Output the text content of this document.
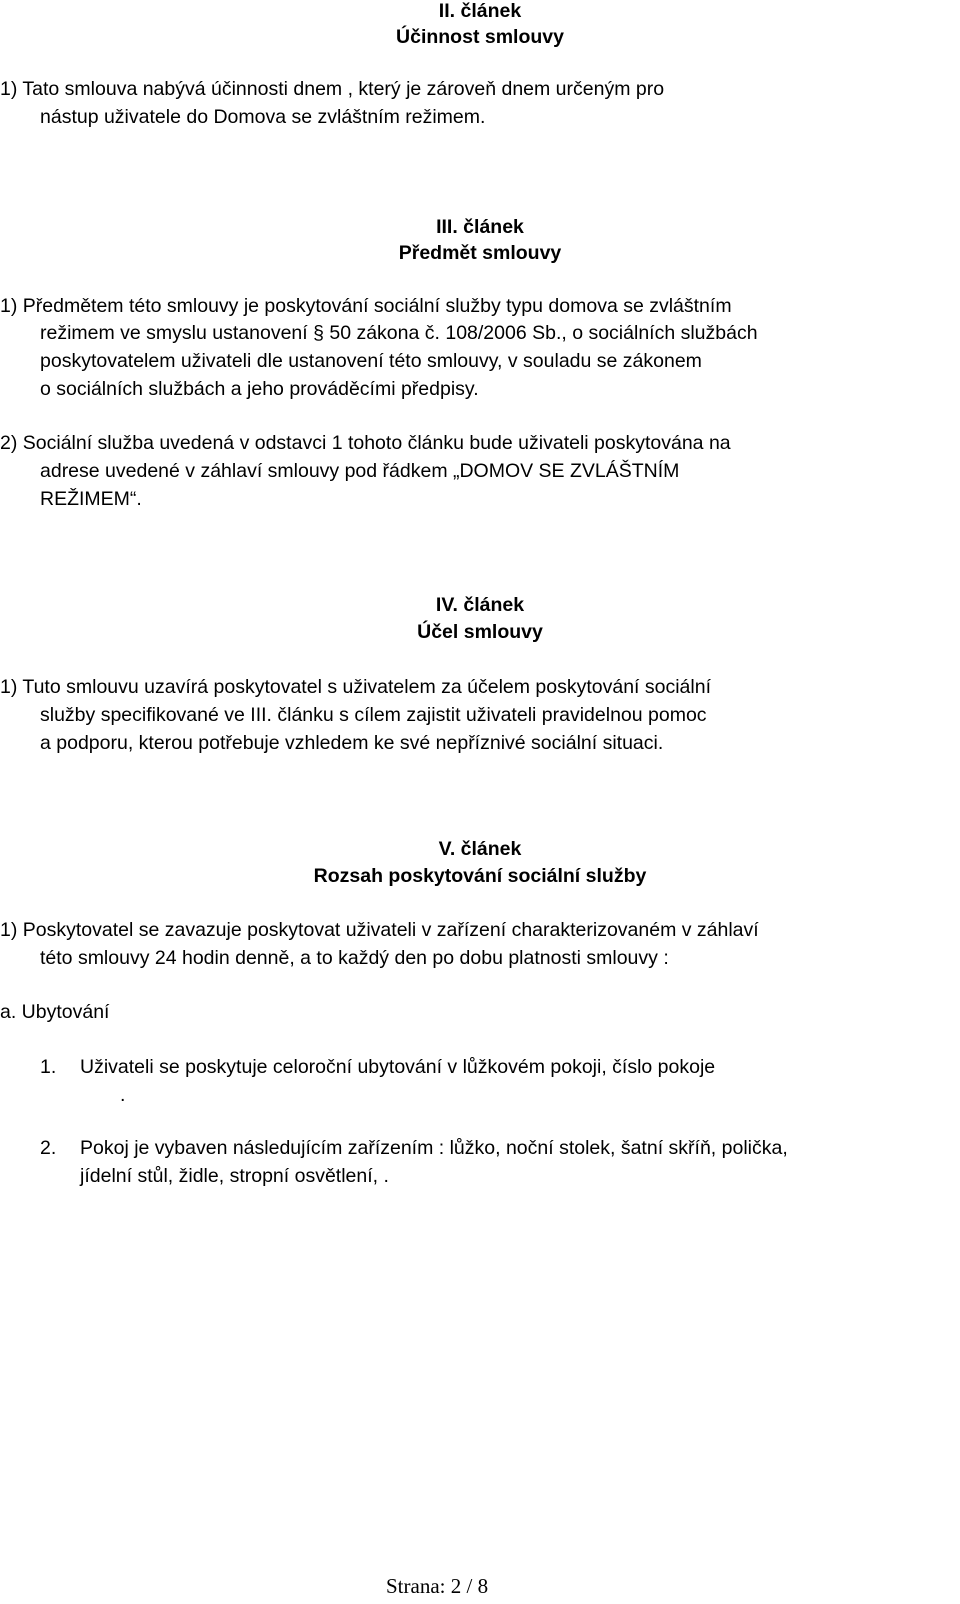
II. článek
Účinnost smlouvy
1) Tato smlouva nabývá účinnosti dnem , který je zároveň dnem určeným pro
nástup uživatele do Domova se zvláštním režimem.
III. článek
Předmět smlouvy
1) Předmětem této smlouvy je poskytování sociální služby typu domova se zvláštním
režimem ve smyslu ustanovení § 50 zákona č. 108/2006 Sb., o sociálních službách
poskytovatelem uživateli dle ustanovení této smlouvy, v souladu se zákonem
o sociálních službách a jeho prováděcími předpisy.
2) Sociální služba uvedená v odstavci 1 tohoto článku bude uživateli poskytována na
adrese uvedené v záhlaví smlouvy pod řádkem „DOMOV SE ZVLÁŠTNÍM
REŽIMEM“.
IV. článek
Účel smlouvy
1) Tuto smlouvu uzavírá poskytovatel s uživatelem za účelem poskytování sociální
služby specifikované ve III. článku s cílem zajistit uživateli pravidelnou pomoc
a podporu, kterou potřebuje vzhledem ke své nepříznivé sociální situaci.
V. článek
Rozsah poskytování sociální služby
1) Poskytovatel se zavazuje poskytovat uživateli v zařízení charakterizovaném v záhlaví
této smlouvy 24 hodin denně, a to každý den po dobu platnosti smlouvy :
a. Ubytování
1. Uživateli se poskytuje celoroční ubytování v lůžkovém pokoji, číslo pokoje
.
2. Pokoj je vybaven následujícím zařízením : lůžko, noční stolek, šatní skříň, polička,
jídelní stůl, židle, stropní osvětlení, .
Strana: 2 / 8
